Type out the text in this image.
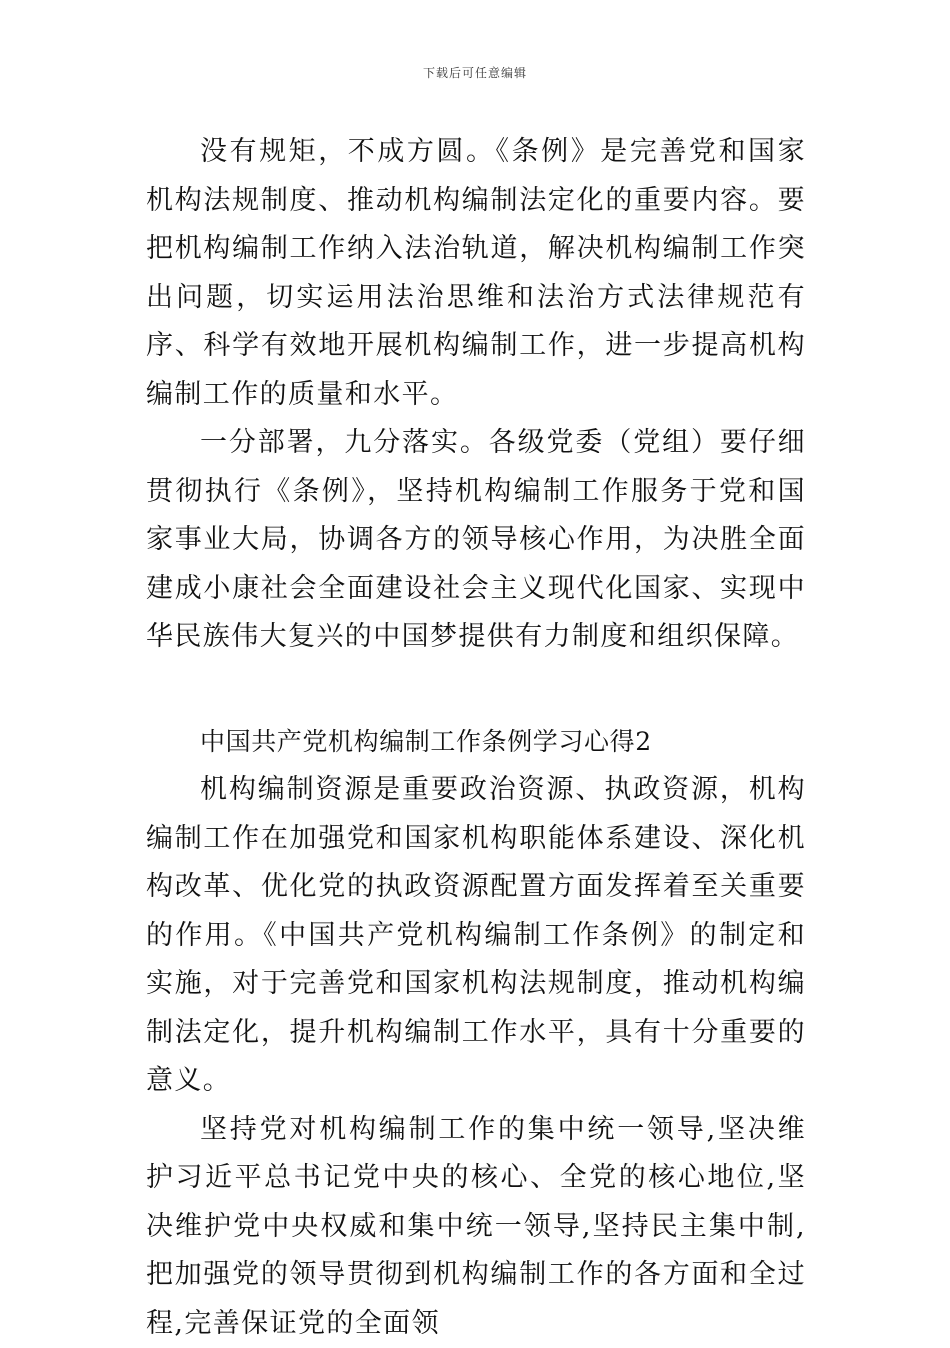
下载后可任意编辑

没有规矩，不成方圆。《条例》是完善党和国家机构法规制度、推动机构编制法定化的重要内容。要把机构编制工作纳入法治轨道，解决机构编制工作突出问题，切实运用法治思维和法治方式法律规范有序、科学有效地开展机构编制工作，进一步提高机构编制工作的质量和水平。

一分部署，九分落实。各级党委（党组）要仔细贯彻执行《条例》，坚持机构编制工作服务于党和国家事业大局，协调各方的领导核心作用，为决胜全面建成小康社会全面建设社会主义现代化国家、实现中华民族伟大复兴的中国梦提供有力制度和组织保障。

中国共产党机构编制工作条例学习心得2

机构编制资源是重要政治资源、执政资源，机构编制工作在加强党和国家机构职能体系建设、深化机构改革、优化党的执政资源配置方面发挥着至关重要的作用。《中国共产党机构编制工作条例》的制定和实施，对于完善党和国家机构法规制度，推动机构编制法定化，提升机构编制工作水平，具有十分重要的意义。

坚持党对机构编制工作的集中统一领导,坚决维护习近平总书记党中央的核心、全党的核心地位,坚决维护党中央权威和集中统一领导,坚持民主集中制,把加强党的领导贯彻到机构编制工作的各方面和全过程,完善保证党的全面领
